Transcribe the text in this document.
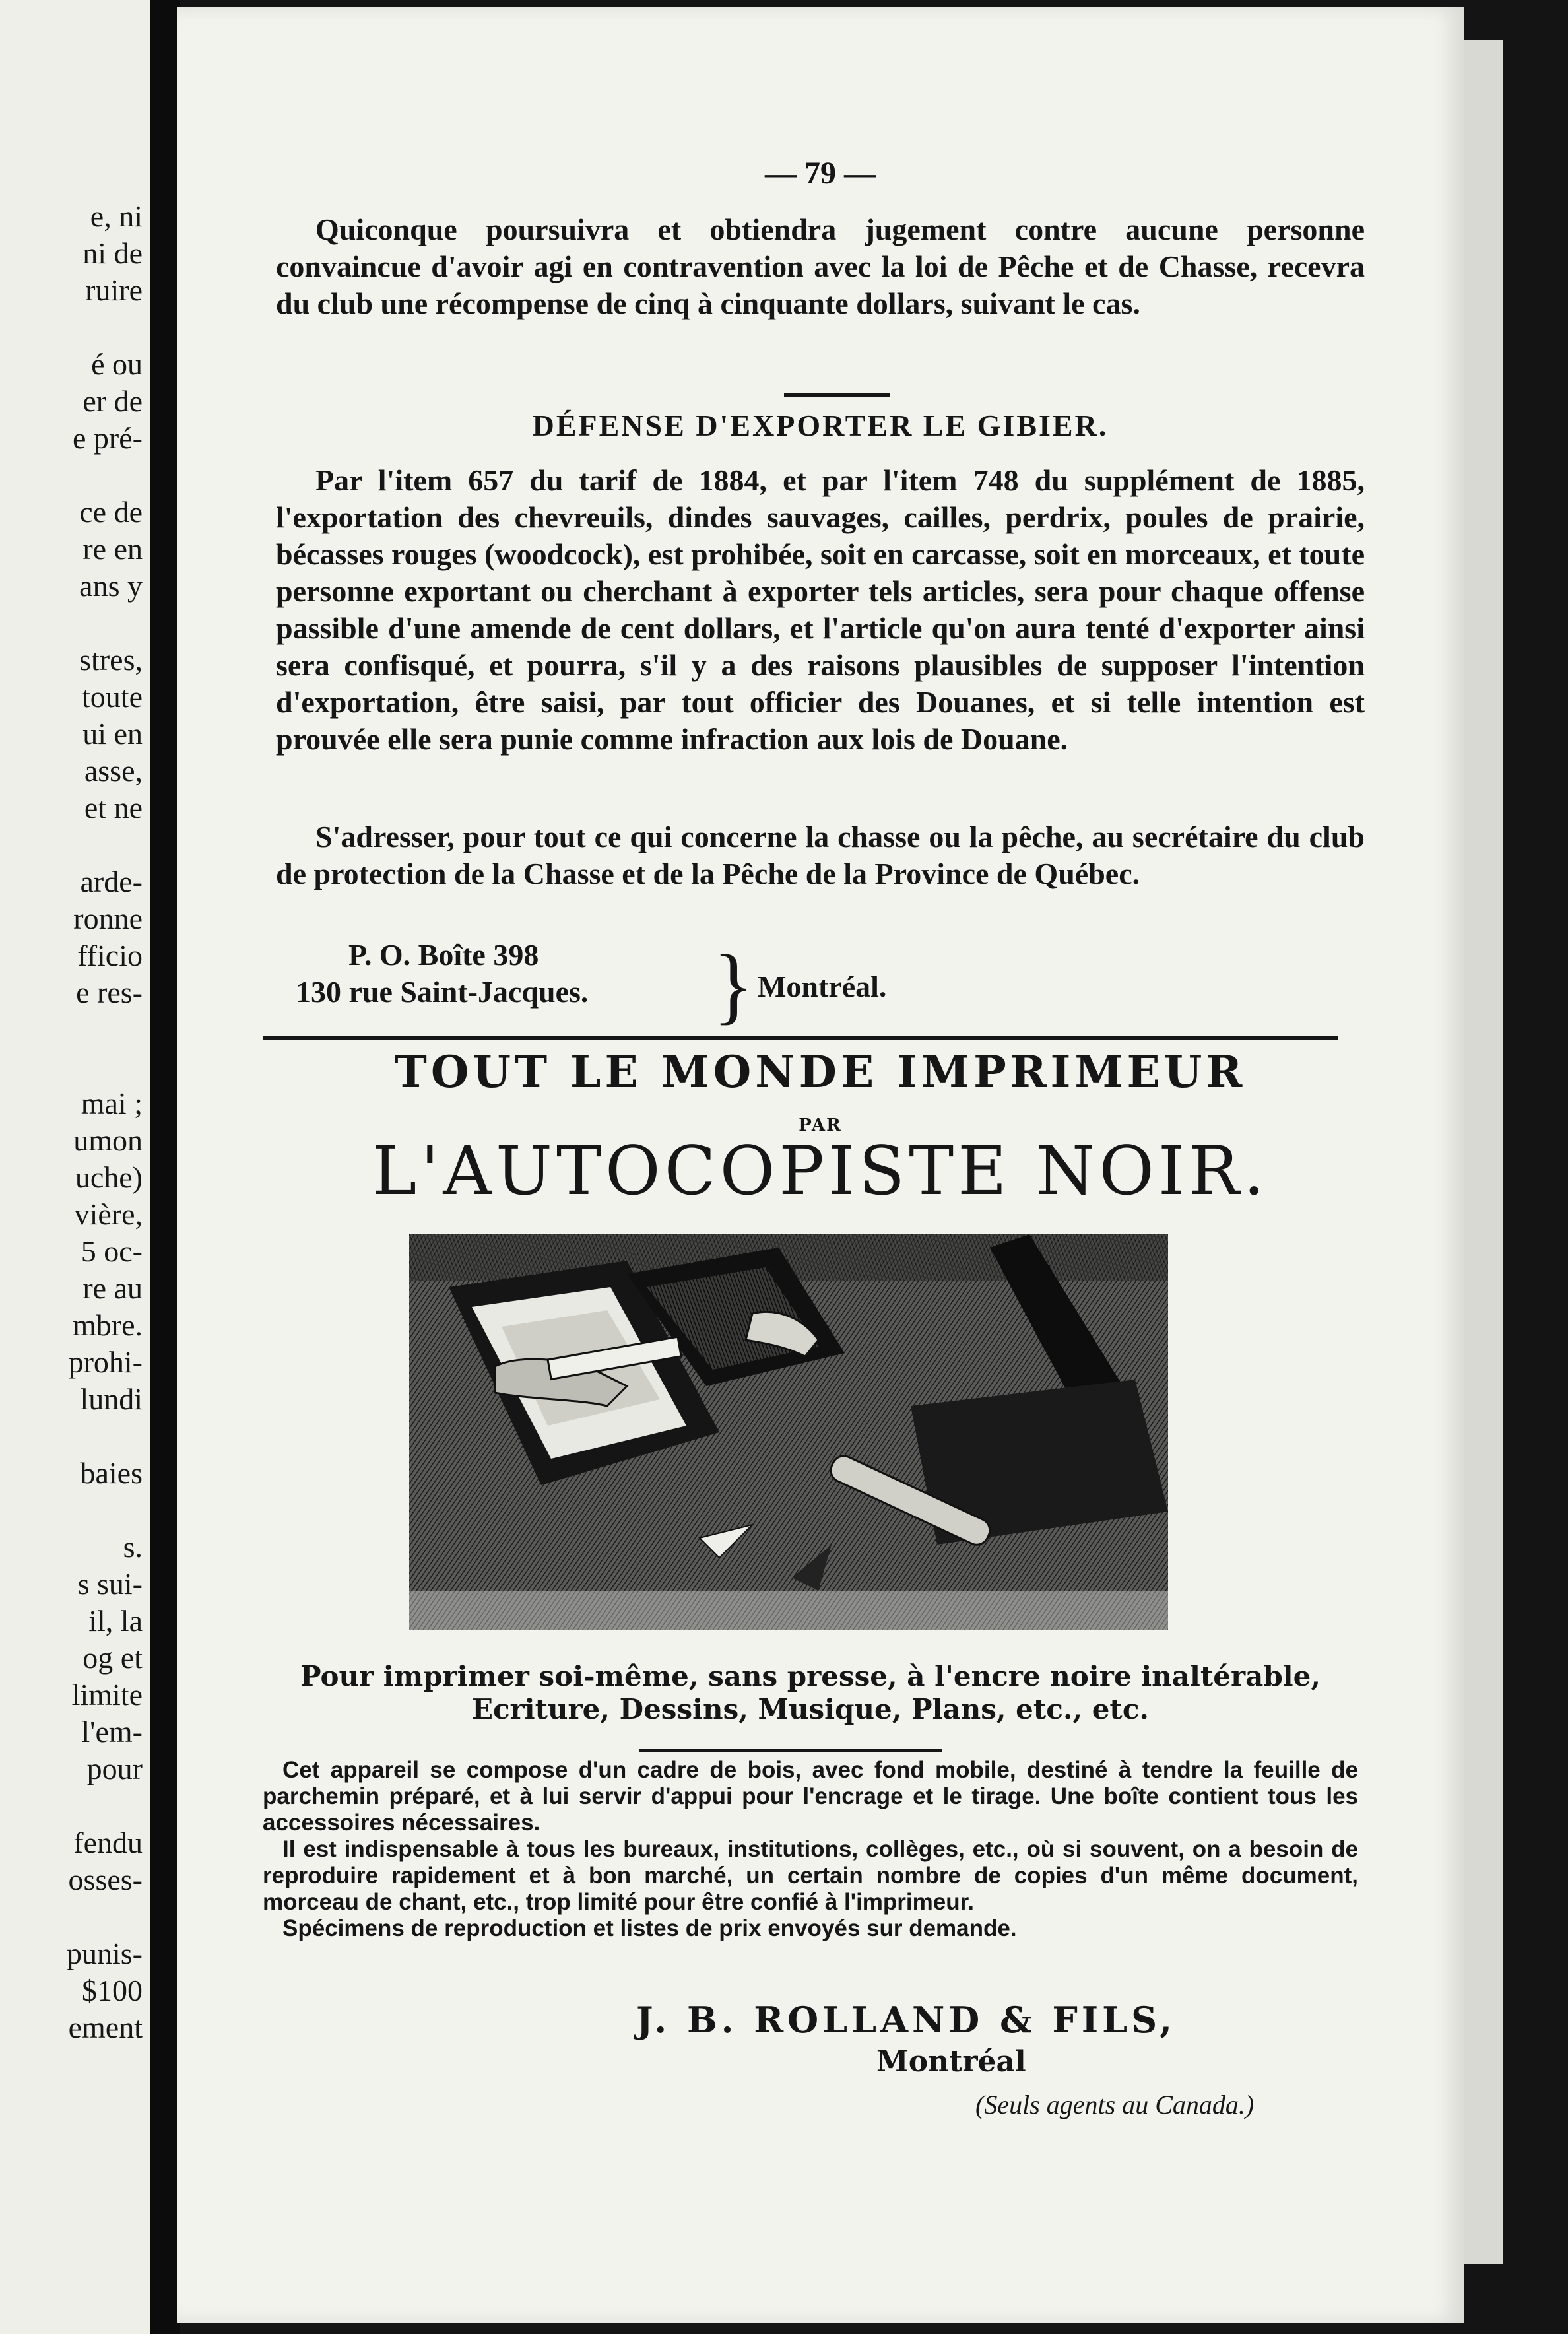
e, ni
ni de
ruire

é ou
er de
e pré-

ce de
re en
ans y

stres,
toute
ui en
asse,
et ne

arde-
ronne
fficio
e res-

mai ;
umon
uche)
vière,
5 oc-
re au
mbre.
prohi-
lundi

baies

s.
s sui-
il, la
og et
limite
l'em-
pour

fendu
osses-

punis-
$100
ement
— 79 —

Quiconque poursuivra et obtiendra jugement contre aucune personne convaincue d'avoir agi en contravention avec la loi de Pêche et de Chasse, recevra du club une récompense de cinq à cinquante dollars, suivant le cas.

DÉFENSE D'EXPORTER LE GIBIER.

Par l'item 657 du tarif de 1884, et par l'item 748 du supplément de 1885, l'exportation des chevreuils, dindes sauvages, cailles, perdrix, poules de prairie, bécasses rouges (woodcock), est prohibée, soit en carcasse, soit en morceaux, et toute personne exportant ou cherchant à exporter tels articles, sera pour chaque offense passible d'une amende de cent dollars, et l'article qu'on aura tenté d'exporter ainsi sera confisqué, et pourra, s'il y a des raisons plausibles de supposer l'intention d'exportation, être saisi, par tout officier des Douanes, et si telle intention est prouvée elle sera punie comme infraction aux lois de Douane.

S'adresser, pour tout ce qui concerne la chasse ou la pêche, au secrétaire du club de protection de la Chasse et de la Pêche de la Province de Québec.

P. O. Boîte 398
130 rue Saint-Jacques. } Montréal.
TOUT LE MONDE IMPRIMEUR
PAR
L'AUTOCOPISTE NOIR.
Pour imprimer soi-même, sans presse, à l'encre noire inaltérable, Ecriture, Dessins, Musique, Plans, etc., etc.

Cet appareil se compose d'un cadre de bois, avec fond mobile, destiné à tendre la feuille de parchemin préparé, et à lui servir d'appui pour l'encrage et le tirage. Une boîte contient tous les accessoires nécessaires.

Il est indispensable à tous les bureaux, institutions, collèges, etc., où si souvent, on a besoin de reproduire rapidement et à bon marché, un certain nombre de copies d'un même document, morceau de chant, etc., trop limité pour être confié à l'imprimeur.

Spécimens de reproduction et listes de prix envoyés sur demande.

J. B. ROLLAND & FILS,
Montréal
(Seuls agents au Canada.)
